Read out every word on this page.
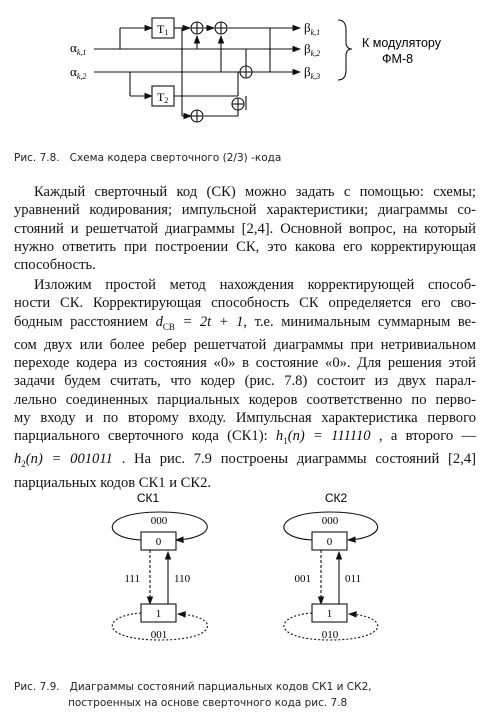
T1
T2
$\alpha_{k,1}$
$\alpha_{k,2}$
$\beta_{k,1}$
$\beta_{k,2}$
$\beta_{k,3}$
К модулятору
ФМ-8
Рис. 7.8. Схема кодера сверточного (2/3) -кода
Каждый сверточный код (СК) можно задать с помощью: схемы;
уравнений кодирования; импульсной характеристики; диаграммы со-
стояний и решетчатой диаграммы [2,4]. Основной вопрос, на который
нужно ответить при построении СК, это какова его корректирующая
способность.
Изложим простой метод нахождения корректирующей способ-
ности СК. Корректирующая способность СК определяется его сво-
бодным расстоянием $d_{CB} = 2t + 1$, т.е. минимальным суммарным ве-
сом двух или более ребер решетчатой диаграммы при нетривиальном
переходе кодера из состояния «0» в состояние «0». Для решения этой
задачи будем считать, что кодер (рис. 7.8) состоит из двух парал-
лельно соединенных парциальных кодеров соответственно по перво-
му входу и по второму входу. Импульсная характеристика первого
парциального сверточного кода (СК1): $h_1(n) = 111110$ , а второго —
$h_2(n) = 001011$ . На рис. 7.9 построены диаграммы состояний [2,4]
парциальных кодов СК1 и СК2.
СК1
000
0
111	110
1
001
СК2
000
0
001	011
1
010
Рис. 7.9. Диаграммы состояний парциальных кодов СК1 и СК2,
построенных на основе сверточного кода рис. 7.8
